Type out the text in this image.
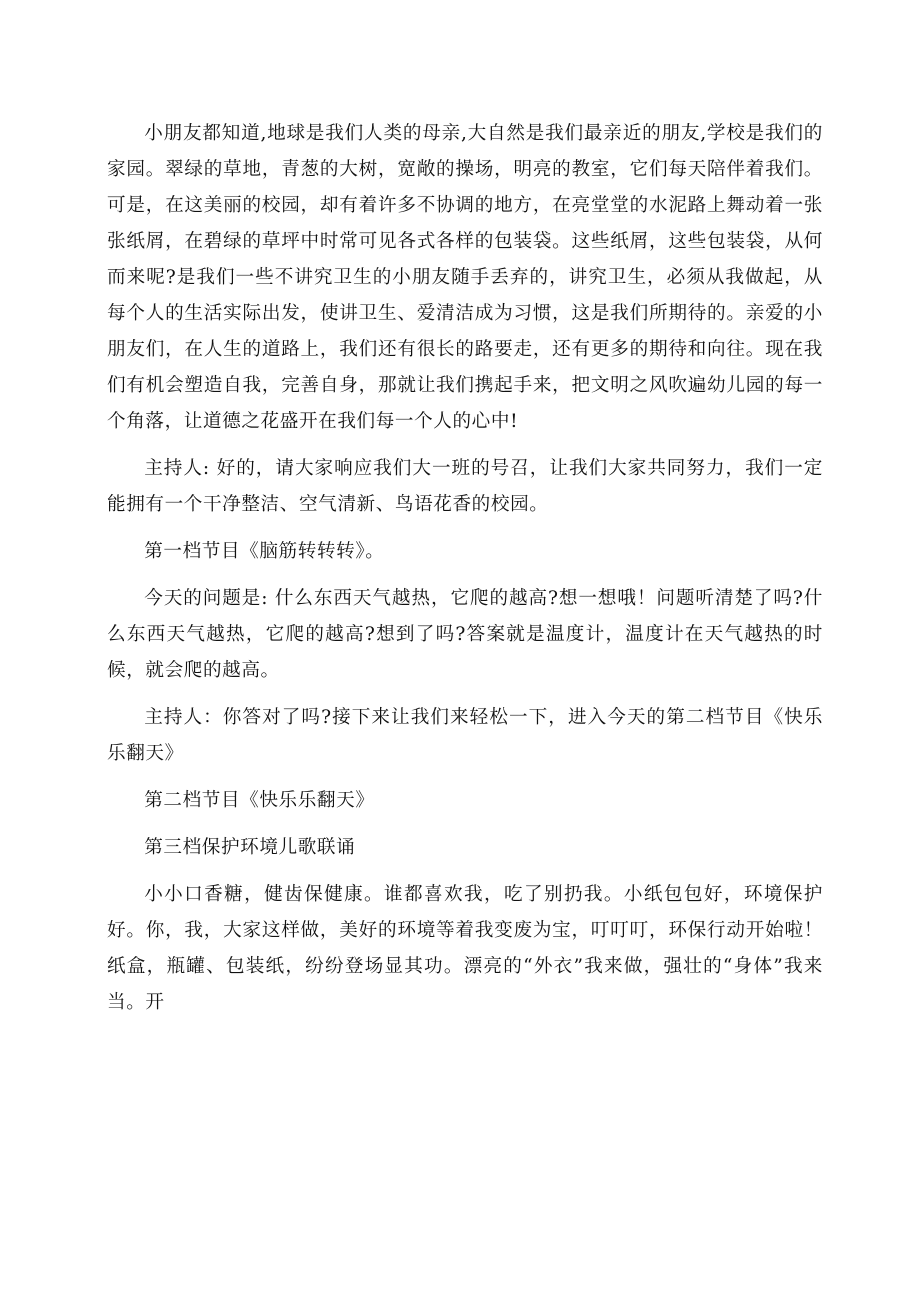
小朋友都知道,地球是我们人类的母亲,大自然是我们最亲近的朋友,学校是我们的家园。翠绿的草地，青葱的大树，宽敞的操场，明亮的教室，它们每天陪伴着我们。可是，在这美丽的校园，却有着许多不协调的地方，在亮堂堂的水泥路上舞动着一张张纸屑，在碧绿的草坪中时常可见各式各样的包装袋。这些纸屑，这些包装袋，从何而来呢?是我们一些不讲究卫生的小朋友随手丢弃的，讲究卫生，必须从我做起，从每个人的生活实际出发，使讲卫生、爱清洁成为习惯，这是我们所期待的。亲爱的小朋友们，在人生的道路上，我们还有很长的路要走，还有更多的期待和向往。现在我们有机会塑造自我，完善自身，那就让我们携起手来，把文明之风吹遍幼儿园的每一个角落，让道德之花盛开在我们每一个人的心中!

主持人: 好的，请大家响应我们大一班的号召，让我们大家共同努力，我们一定能拥有一个干净整洁、空气清新、鸟语花香的校园。

第一档节目《脑筋转转转》。

今天的问题是: 什么东西天气越热，它爬的越高?想一想哦！问题听清楚了吗?什么东西天气越热，它爬的越高?想到了吗?答案就是温度计，温度计在天气越热的时候，就会爬的越高。

主持人：你答对了吗?接下来让我们来轻松一下，进入今天的第二档节目《快乐乐翻天》

第二档节目《快乐乐翻天》

第三档保护环境儿歌联诵

小小口香糖，健齿保健康。谁都喜欢我，吃了别扔我。小纸包包好，环境保护好。你，我，大家这样做，美好的环境等着我变废为宝，叮叮叮，环保行动开始啦！纸盒，瓶罐、包装纸，纷纷登场显其功。漂亮的“外衣”我来做，强壮的“身体”我来当。开
